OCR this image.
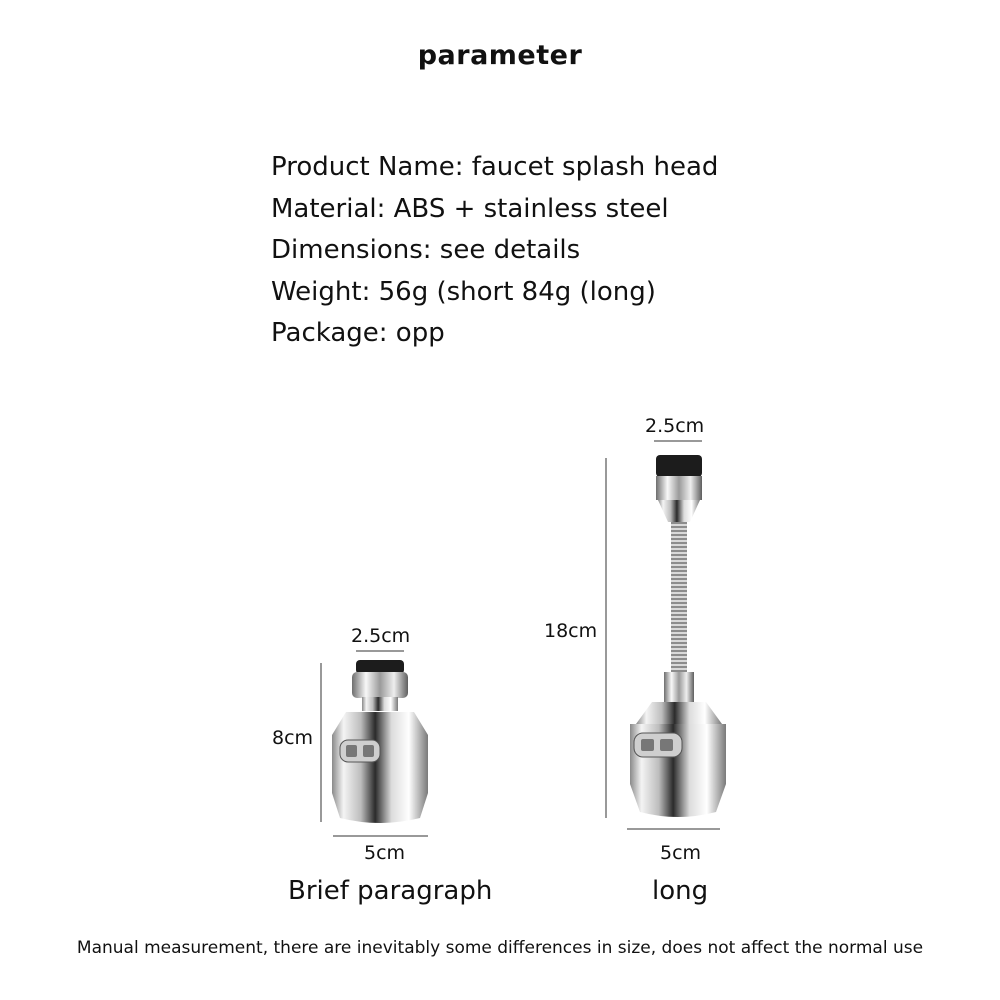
parameter
Product Name: faucet splash head
Material: ABS + stainless steel
Dimensions: see details
Weight: 56g (short 84g (long)
Package: opp
2.5cm
8cm
5cm
Brief paragraph
2.5cm
18cm
5cm
long
Manual measurement, there are inevitably some differences in size, does not affect the normal use
